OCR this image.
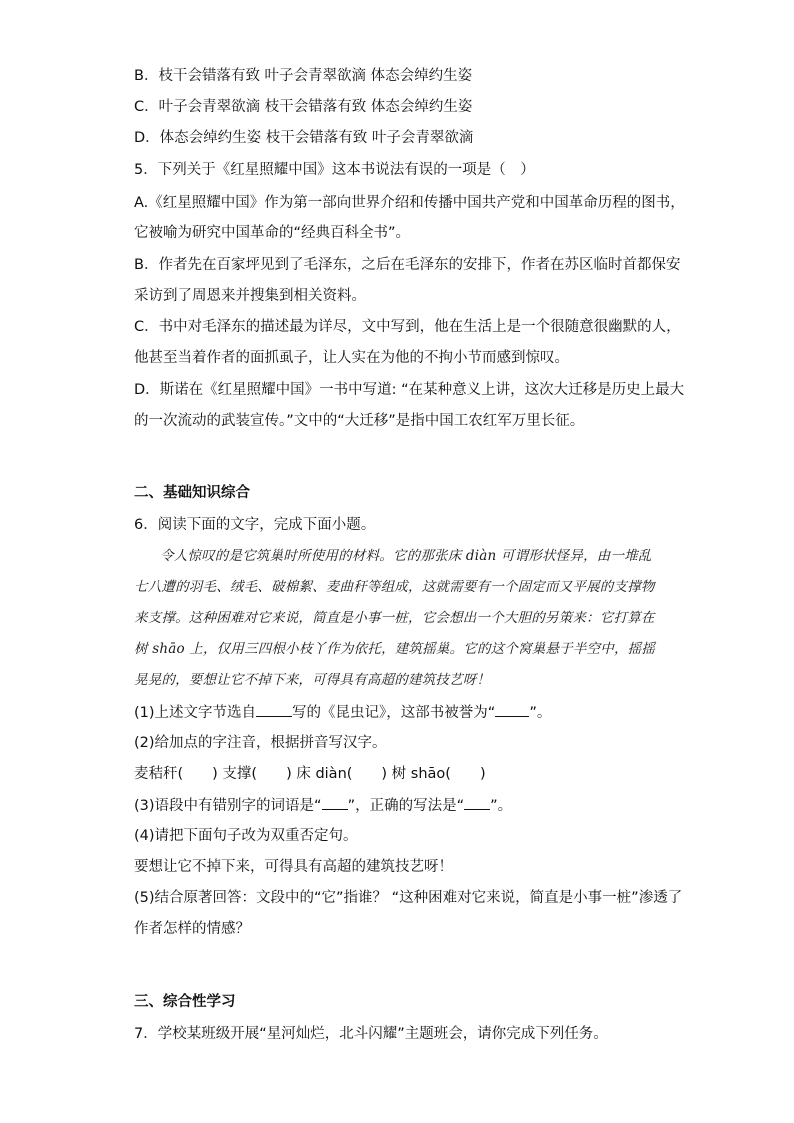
B．枝干会错落有致 叶子会青翠欲滴 体态会绰约生姿
C．叶子会青翠欲滴 枝干会错落有致 体态会绰约生姿
D．体态会绰约生姿 枝干会错落有致 叶子会青翠欲滴
5．下列关于《红星照耀中国》这本书说法有误的一项是（　）
A.《红星照耀中国》作为第一部向世界介绍和传播中国共产党和中国革命历程的图书，
它被喻为研究中国革命的“经典百科全书”。
B．作者先在百家坪见到了毛泽东，之后在毛泽东的安排下，作者在苏区临时首都保安
采访到了周恩来并搜集到相关资料。
C．书中对毛泽东的描述最为详尽，文中写到，他在生活上是一个很随意很幽默的人，
他甚至当着作者的面抓虱子，让人实在为他的不拘小节而感到惊叹。
D．斯诺在《红星照耀中国》一书中写道: “在某种意义上讲，这次大迁移是历史上最大
的一次流动的武装宣传。”文中的“大迁移”是指中国工农红军万里长征。
二、基础知识综合
6．阅读下面的文字，完成下面小题。
令人惊叹的是它筑巢时所使用的材料。它的那张床 diàn 可谓形状怪异，由一堆乱
七八遭的羽毛、绒毛、破棉絮、麦曲秆等组成，这就需要有一个固定而又平展的支撑物
来支撑。这种困难对它来说，简直是小事一桩，它会想出一个大胆的另策来：它打算在
树 shāo 上，仅用三四根小枝丫作为依托，建筑摇巢。它的这个窝巢悬于半空中，摇摇
晃晃的，要想让它不掉下来，可得具有高超的建筑技艺呀！
(1)上述文字节选自 写的《昆虫记》，这部书被誉为“ ”。
(2)给加点的字注音，根据拼音写汉字。
麦秸秆(　　) 支撑(　　) 床 diàn(　　) 树 shāo(　　)
(3)语段中有错别字的词语是“ ”，正确的写法是“ ”。
(4)请把下面句子改为双重否定句。
要想让它不掉下来，可得具有高超的建筑技艺呀！
(5)结合原著回答：文段中的“它”指谁？ “这种困难对它来说，简直是小事一桩”渗透了
作者怎样的情感？
三、综合性学习
7．学校某班级开展“星河灿烂，北斗闪耀”主题班会，请你完成下列任务。
